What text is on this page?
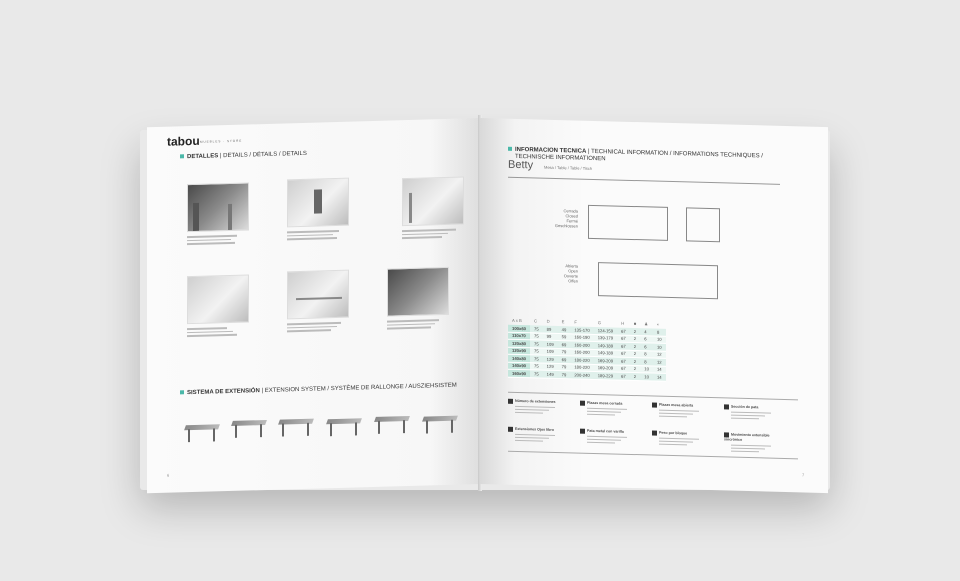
tabou MUEBLES · STORE
DETALLES | DETAILS / DÉTAILS / DETAILS
SISTEMA DE EXTENSIÓN | EXTENSION SYSTEM / SYSTÈME DE RALLONGE / AUSZIEHSISTEM
6
INFORMACION TECNICA | TECHNICAL INFORMATION / INFORMATIONS TECHNIQUES /
TECHNISCHE INFORMATIONEN
Betty	Mesa / Table / Table / Tisch
Cerrada
Closed
Fermé
Geschlossen
Abierta
Open
Ouverte
Offen
A x B	C	D	E	F	G	H	■	♟	◐
100x60	75	89	49	135-170	124-159	67	2	4	8
110x70	75	99	59	160-190	139-179	67	2	6	10
120x80	75	109	69	160-200	149-189	67	2	6	10
120x90	75	109	79	160-200	149-189	67	2	8	12
140x80	75	129	69	180-220	169-209	67	2	8	12
140x90	75	129	79	180-220	169-209	67	2	10	14
160x90	75	149	79	200-240	189-229	67	2	10	14
Número de extensiones	Plazas mesa cerrada	Plazas mesa abierta	Sección de pata
Extensiones Ojos libro	Pata metal con varilla	Peso por bloque	Movimiento extensible sincrónico
7
